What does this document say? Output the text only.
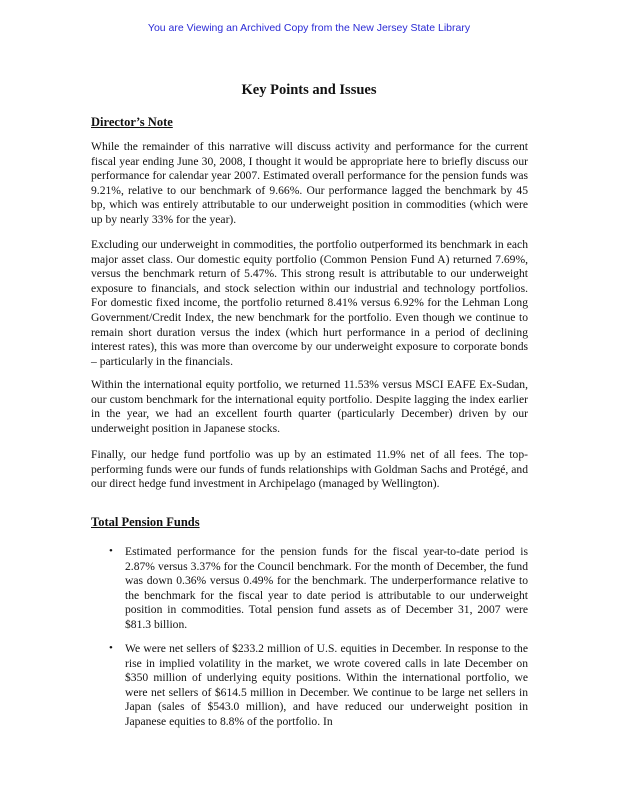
You are Viewing an Archived Copy from the New Jersey State Library
Key Points and Issues
Director’s Note

While the remainder of this narrative will discuss activity and performance for the current fiscal year ending June 30, 2008, I thought it would be appropriate here to briefly discuss our performance for calendar year 2007. Estimated overall performance for the pension funds was 9.21%, relative to our benchmark of 9.66%. Our performance lagged the benchmark by 45 bp, which was entirely attributable to our underweight position in commodities (which were up by nearly 33% for the year).

Excluding our underweight in commodities, the portfolio outperformed its benchmark in each major asset class. Our domestic equity portfolio (Common Pension Fund A) returned 7.69%, versus the benchmark return of 5.47%. This strong result is attributable to our underweight exposure to financials, and stock selection within our industrial and technology portfolios. For domestic fixed income, the portfolio returned 8.41% versus 6.92% for the Lehman Long Government/Credit Index, the new benchmark for the portfolio. Even though we continue to remain short duration versus the index (which hurt performance in a period of declining interest rates), this was more than overcome by our underweight exposure to corporate bonds – particularly in the financials.

Within the international equity portfolio, we returned 11.53% versus MSCI EAFE Ex-Sudan, our custom benchmark for the international equity portfolio. Despite lagging the index earlier in the year, we had an excellent fourth quarter (particularly December) driven by our underweight position in Japanese stocks.

Finally, our hedge fund portfolio was up by an estimated 11.9% net of all fees. The top-performing funds were our funds of funds relationships with Goldman Sachs and Protégé, and our direct hedge fund investment in Archipelago (managed by Wellington).

Total Pension Funds
• Estimated performance for the pension funds for the fiscal year-to-date period is 2.87% versus 3.37% for the Council benchmark. For the month of December, the fund was down 0.36% versus 0.49% for the benchmark. The underperformance relative to the benchmark for the fiscal year to date period is attributable to our underweight position in commodities. Total pension fund assets as of December 31, 2007 were $81.3 billion.

• We were net sellers of $233.2 million of U.S. equities in December. In response to the rise in implied volatility in the market, we wrote covered calls in late December on $350 million of underlying equity positions. Within the international portfolio, we were net sellers of $614.5 million in December. We continue to be large net sellers in Japan (sales of $543.0 million), and have reduced our underweight position in Japanese equities to 8.8% of the portfolio. In
